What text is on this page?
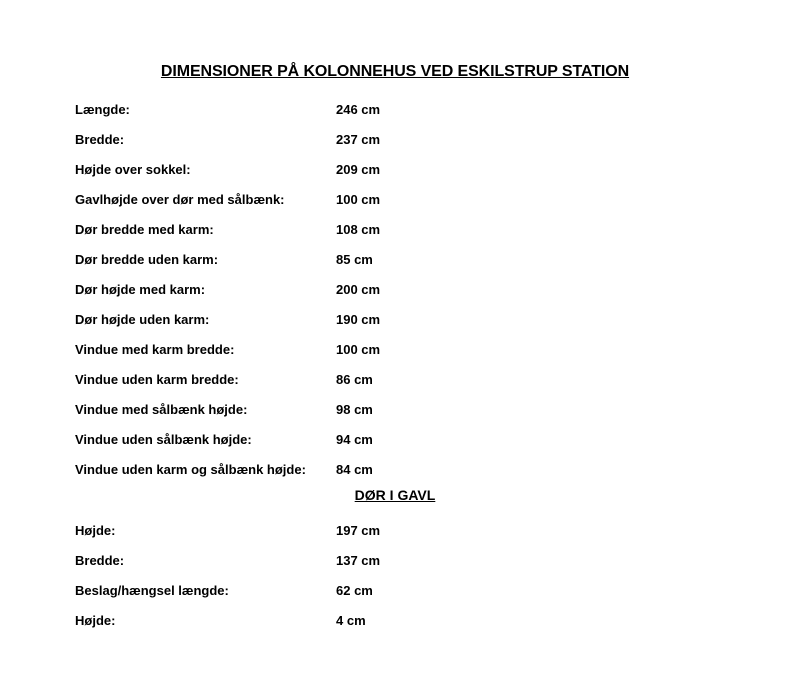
DIMENSIONER PÅ KOLONNEHUS VED ESKILSTRUP STATION
Længde:	246 cm
Bredde:	237 cm
Højde over sokkel:	209 cm
Gavlhøjde over dør med sålbænk:	100 cm
Dør bredde med karm:	108 cm
Dør bredde uden karm:	85 cm
Dør højde med karm:	200 cm
Dør højde uden karm:	190 cm
Vindue med karm bredde:	100 cm
Vindue uden karm bredde:	86 cm
Vindue med sålbænk højde:	98 cm
Vindue uden sålbænk højde:	94 cm
Vindue uden karm og sålbænk højde:	84 cm
DØR I GAVL
Højde:	197 cm
Bredde:	137 cm
Beslag/hængsel længde:	62 cm
Højde:	4 cm
